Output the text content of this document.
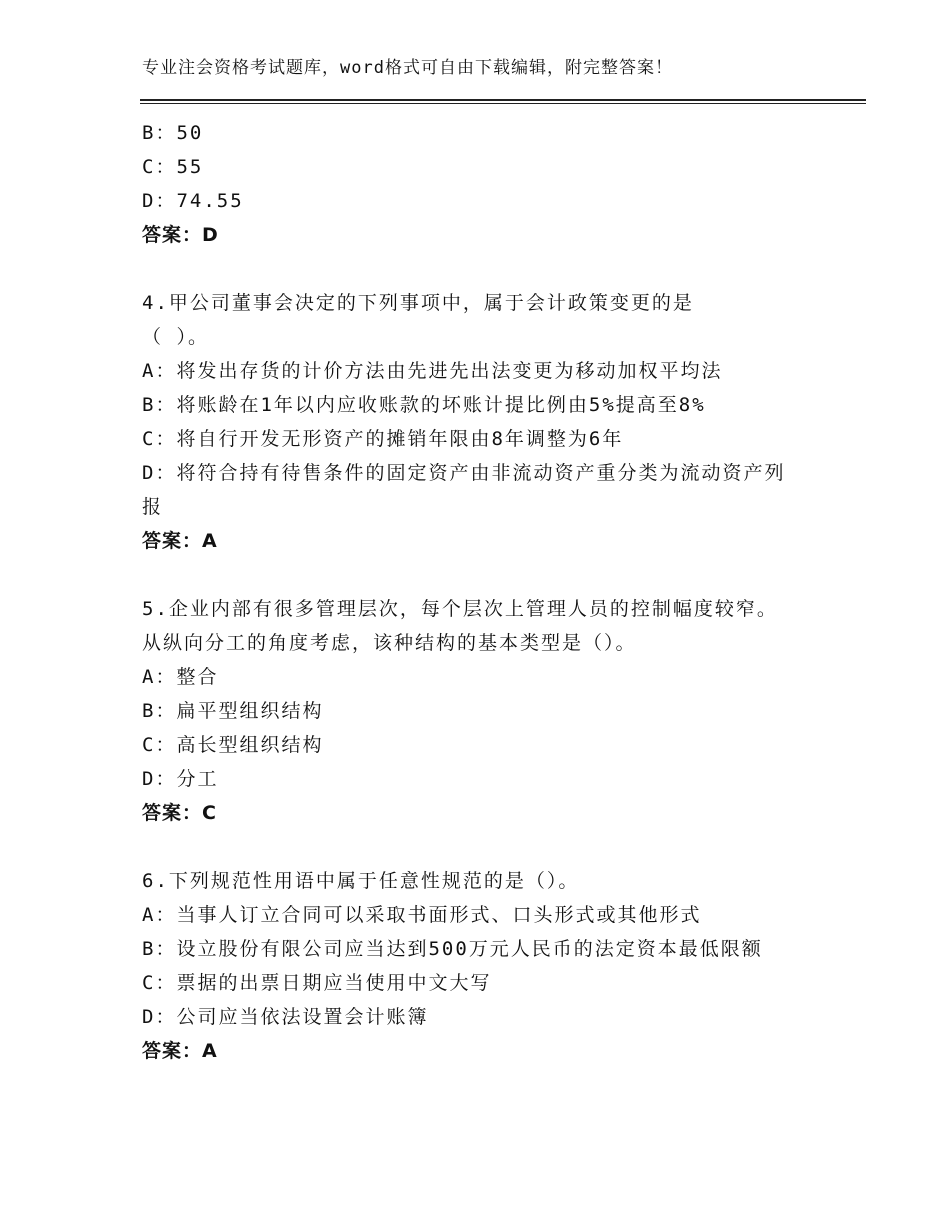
专业注会资格考试题库，word格式可自由下载编辑，附完整答案！
B：50
C：55
D：74.55
答案：D
4.甲公司董事会决定的下列事项中，属于会计政策变更的是
（ ）。
A：将发出存货的计价方法由先进先出法变更为移动加权平均法
B：将账龄在1年以内应收账款的坏账计提比例由5%提高至8%
C：将自行开发无形资产的摊销年限由8年调整为6年
D：将符合持有待售条件的固定资产由非流动资产重分类为流动资产列
报
答案：A
5.企业内部有很多管理层次，每个层次上管理人员的控制幅度较窄。
从纵向分工的角度考虑，该种结构的基本类型是（）。
A：整合
B：扁平型组织结构
C：高长型组织结构
D：分工
答案：C
6.下列规范性用语中属于任意性规范的是（）。
A：当事人订立合同可以采取书面形式、口头形式或其他形式
B：设立股份有限公司应当达到500万元人民币的法定资本最低限额
C：票据的出票日期应当使用中文大写
D：公司应当依法设置会计账簿
答案：A
